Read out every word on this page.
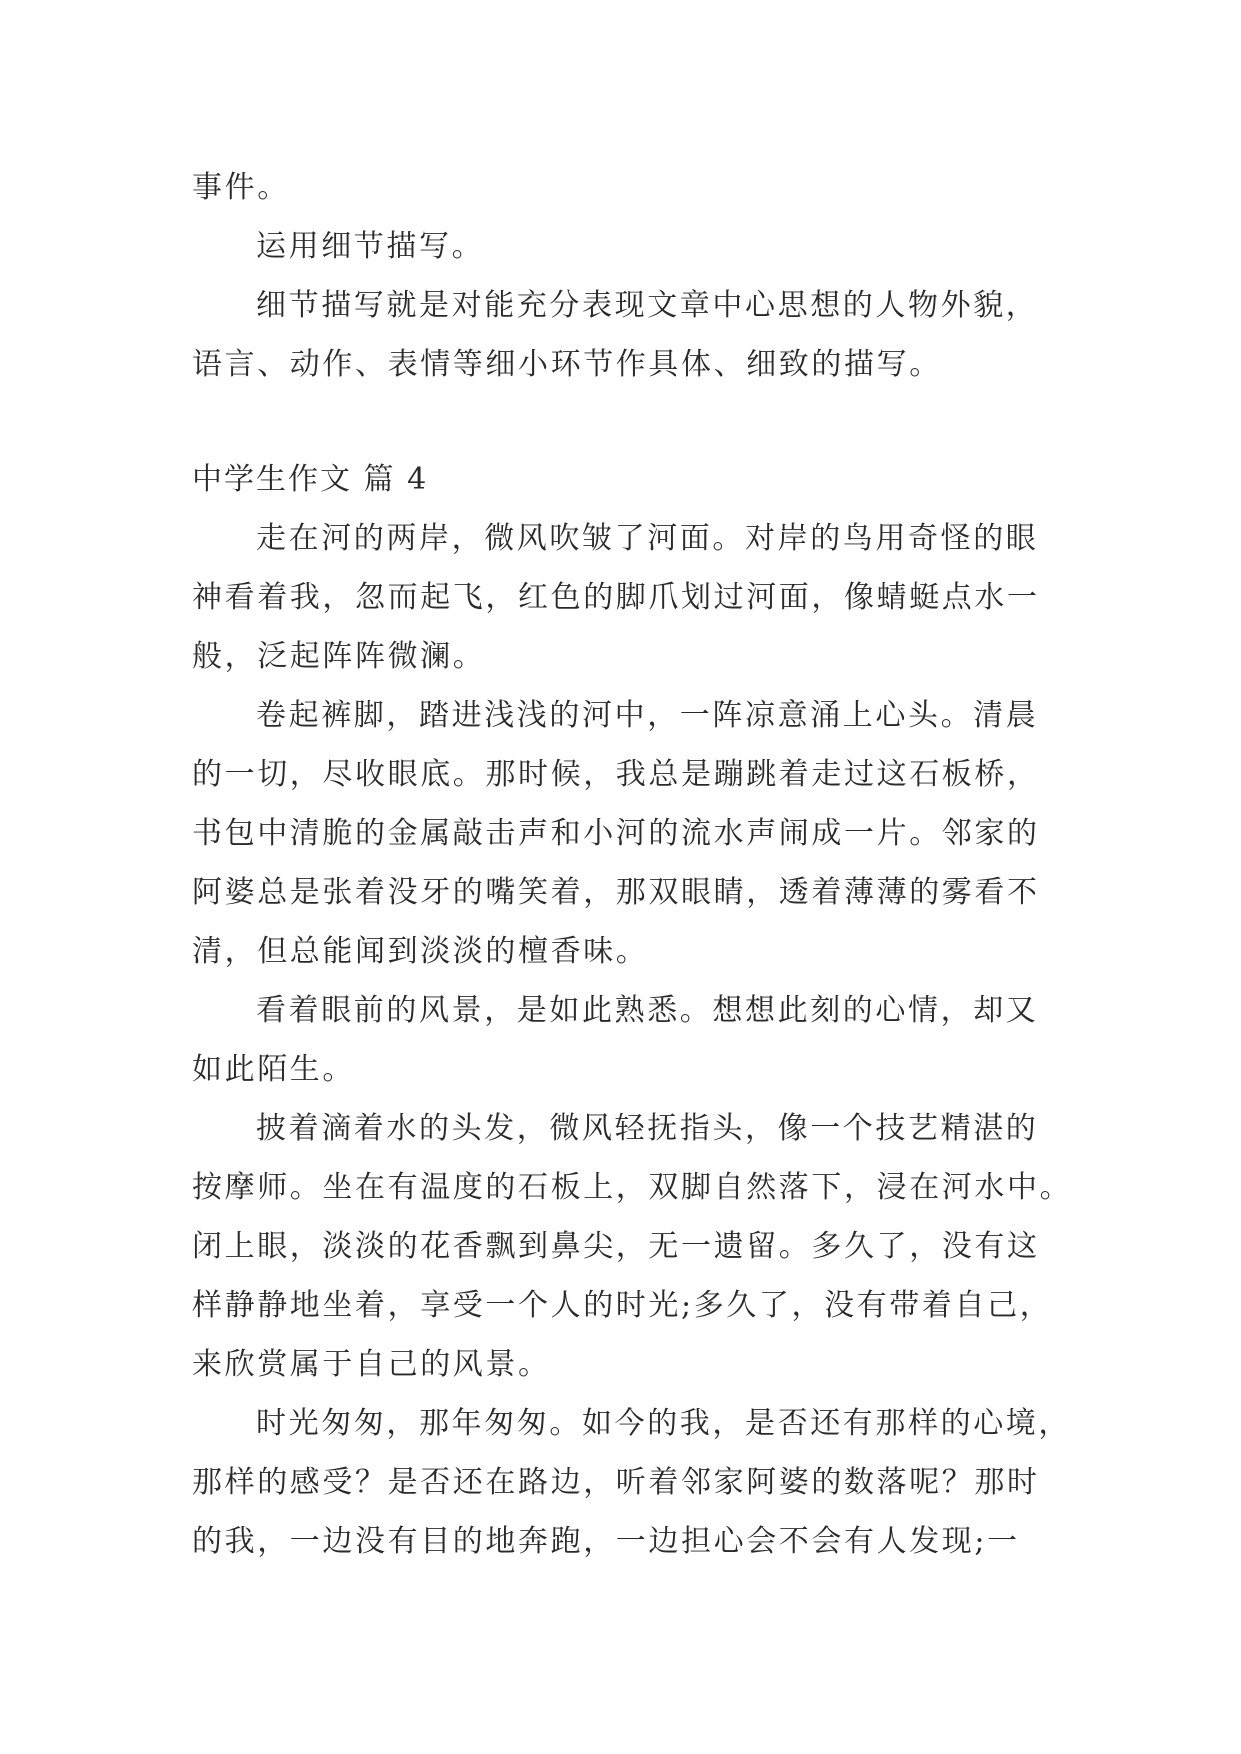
事件。
运用细节描写。
细节描写就是对能充分表现文章中心思想的人物外貌，
语言、动作、表情等细小环节作具体、细致的描写。
中学生作文 篇 4
走在河的两岸，微风吹皱了河面。对岸的鸟用奇怪的眼
神看着我，忽而起飞，红色的脚爪划过河面，像蜻蜓点水一
般，泛起阵阵微澜。
卷起裤脚，踏进浅浅的河中，一阵凉意涌上心头。清晨
的一切，尽收眼底。那时候，我总是蹦跳着走过这石板桥，
书包中清脆的金属敲击声和小河的流水声闹成一片。邻家的
阿婆总是张着没牙的嘴笑着，那双眼睛，透着薄薄的雾看不
清，但总能闻到淡淡的檀香味。
看着眼前的风景，是如此熟悉。想想此刻的心情，却又
如此陌生。
披着滴着水的头发，微风轻抚指头，像一个技艺精湛的
按摩师。坐在有温度的石板上，双脚自然落下，浸在河水中。
闭上眼，淡淡的花香飘到鼻尖，无一遗留。多久了，没有这
样静静地坐着，享受一个人的时光;多久了，没有带着自己，
来欣赏属于自己的风景。
时光匆匆，那年匆匆。如今的我，是否还有那样的心境，
那样的感受？是否还在路边，听着邻家阿婆的数落呢？那时
的我，一边没有目的地奔跑，一边担心会不会有人发现;一
